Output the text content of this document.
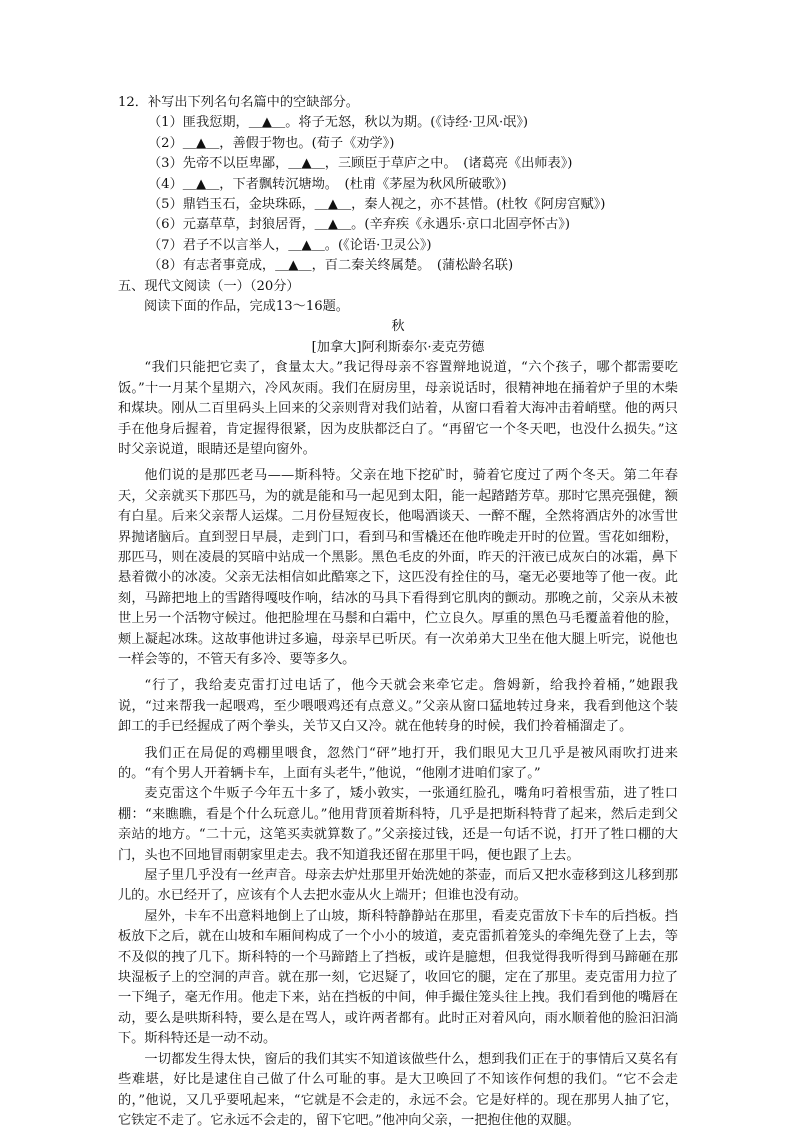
12．补写出下列名句名篇中的空缺部分。
（1）匪我愆期，＿▲＿。将子无怒，秋以为期。(《诗经·卫风·氓》)
（2）＿▲＿，善假于物也。(荀子《劝学》)
（3）先帝不以臣卑鄙，＿▲＿，三顾臣于草庐之中。　(诸葛亮《出师表》)
（4）＿▲＿，下者飘转沉塘坳。　(杜甫《茅屋为秋风所破歌》)
（5）鼎铛玉石，金块珠砾，＿▲＿，秦人视之，亦不甚惜。(杜牧《阿房宫赋》)
（6）元嘉草草，封狼居胥，＿▲＿。(辛弃疾《永遇乐·京口北固亭怀古》)
（7）君子不以言举人，＿▲＿。(《论语·卫灵公》)
（8）有志者事竟成，＿▲＿，百二秦关终属楚。　(蒲松龄名联)
五、现代文阅读（一）（20分）
阅读下面的作品，完成13～16题。
秋
[加拿大]阿利斯泰尔·麦克劳德
“我们只能把它卖了，食量太大。”我记得母亲不容置辩地说道，“六个孩子，哪个都需要吃饭。”十一月某个星期六，冷风灰雨。我们在厨房里，母亲说话时，很精神地在捅着炉子里的木柴和煤块。刚从二百里码头上回来的父亲则背对我们站着，从窗口看着大海冲击着峭壁。他的两只手在他身后握着，肯定握得很紧，因为皮肤都泛白了。“再留它一个冬天吧，也没什么损失。”这时父亲说道，眼睛还是望向窗外。
他们说的是那匹老马——斯科特。父亲在地下挖矿时，骑着它度过了两个冬天。第二年春天，父亲就买下那匹马，为的就是能和马一起见到太阳，能一起踏踏芳草。那时它黑亮强健，额有白星。后来父亲帮人运煤。二月份昼短夜长，他喝酒谈天、一醉不醒，全然将酒店外的冰雪世界抛诸脑后。直到翌日早晨，走到门口，看到马和雪橇还在他昨晚走开时的位置。雪花如细粉，那匹马，则在凌晨的冥暗中站成一个黑影。黑色毛皮的外面，昨天的汗液已成灰白的冰霜，鼻下悬着微小的冰凌。父亲无法相信如此酷寒之下，这匹没有拴住的马，毫无必要地等了他一夜。此刻，马蹄把地上的雪踏得嘎吱作响，结冰的马具下看得到它肌肉的颤动。那晚之前，父亲从未被世上另一个活物守候过。他把脸埋在马鬃和白霜中，伫立良久。厚重的黑色马毛覆盖着他的脸，颊上凝起冰珠。这故事他讲过多遍，母亲早已听厌。有一次弟弟大卫坐在他大腿上听完，说他也一样会等的，不管天有多冷、要等多久。
“行了，我给麦克雷打过电话了，他今天就会来牵它走。詹姆新，给我拎着桶，”她跟我说，“过来帮我一起喂鸡，至少喂喂鸡还有点意义。”父亲从窗口猛地转过身来，我看到他这个装卸工的手已经握成了两个拳头，关节又白又冷。就在他转身的时候，我们拎着桶溜走了。
我们正在局促的鸡棚里喂食，忽然门“砰”地打开，我们眼见大卫几乎是被风雨吹打进来的。“有个男人开着辆卡车，上面有头老牛，”他说，“他刚才进咱们家了。”
麦克雷这个牛贩子今年五十多了，矮小敦实，一张通红脸孔，嘴角叼着根雪茄，进了牲口棚：“来瞧瞧，看是个什么玩意儿。”他用背顶着斯科特，几乎是把斯科特背了起来，然后走到父亲站的地方。“二十元，这笔买卖就算数了。”父亲接过钱，还是一句话不说，打开了牲口棚的大门，头也不回地冒雨朝家里走去。我不知道我还留在那里干吗，便也跟了上去。
屋子里几乎没有一丝声音。母亲去炉灶那里开始洗她的茶壶，而后又把水壶移到这儿移到那儿的。水已经开了，应该有个人去把水壶从火上端开；但谁也没有动。
屋外，卡车不出意料地倒上了山坡，斯科特静静站在那里，看麦克雷放下卡车的后挡板。挡板放下之后，就在山坡和车厢间构成了一个小小的坡道，麦克雷抓着笼头的牵绳先登了上去，等不及似的拽了几下。斯科特的一个马蹄踏上了挡板，或许是臆想，但我觉得我听得到马蹄砸在那块湿板子上的空洞的声音。就在那一刻，它迟疑了，收回它的腿，定在了那里。麦克雷用力拉了一下绳子，毫无作用。他走下来，站在挡板的中间，伸手撮住笼头往上拽。我们看到他的嘴唇在动，要么是哄斯科特，要么是在骂人，或许两者都有。此时正对着风向，雨水顺着他的脸汩汩淌下。斯科特还是一动不动。
一切都发生得太快，窗后的我们其实不知道该做些什么，想到我们正在于的事情后又莫名有些难堪，好比是逮住自己做了什么可耻的事。是大卫唤回了不知该作何想的我们。“它不会走的，”他说，又几乎要吼起来，“它就是不会走的，永远不会。它是好样的。现在那男人抽了它，它铁定不走了。它永远不会走的，留下它吧。”他冲向父亲，一把抱住他的双腿。
